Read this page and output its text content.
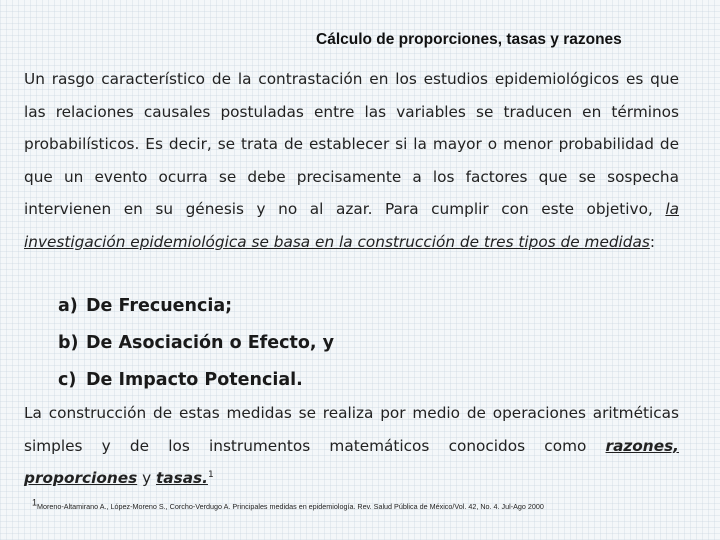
Cálculo de proporciones, tasas y razones

Un rasgo característico de la contrastación en los estudios epidemiológicos es que las relaciones causales postuladas entre las variables se traducen en términos probabilísticos. Es decir, se trata de establecer si la mayor o menor probabilidad de que un evento ocurra se debe precisamente a los factores que se sospecha intervienen en su génesis y no al azar. Para cumplir con este objetivo, la investigación epidemiológica se basa en la construcción de tres tipos de medidas:

a) De Frecuencia;
b) De Asociación o Efecto, y
c) De Impacto Potencial.

La construcción de estas medidas se realiza por medio de operaciones aritméticas simples y de los instrumentos matemáticos conocidos como razones, proporciones y tasas.$^1$

$^1$Moreno-Altamirano A., López-Moreno S., Corcho-Verdugo A. Principales medidas en epidemiología. Rev. Salud Pública de México/Vol. 42, No. 4. Jul-Ago 2000
